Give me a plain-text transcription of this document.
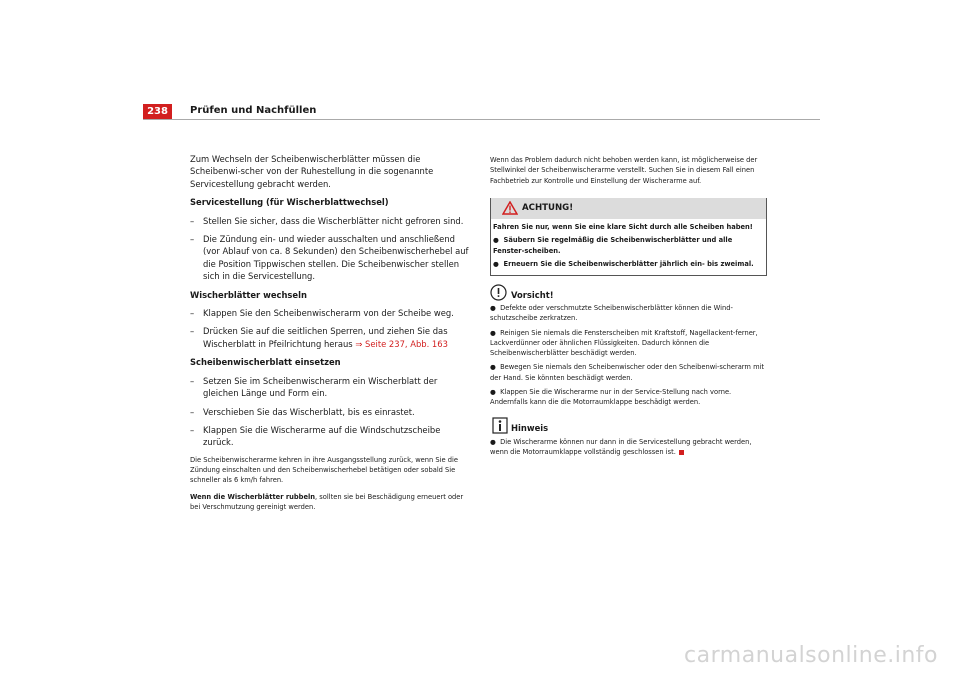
238	Prüfen und Nachfüllen

Zum Wechseln der Scheibenwischerblätter müssen die Scheibenwi-scher von der Ruhestellung in die sogenannte Servicestellung gebracht werden.

Servicestellung (für Wischerblattwechsel)

– Stellen Sie sicher, dass die Wischerblätter nicht gefroren sind.
– Die Zündung ein- und wieder ausschalten und anschließend (vor Ablauf von ca. 8 Sekunden) den Scheibenwischerhebel auf die Position Tippwischen stellen. Die Scheibenwischer stellen sich in die Servicestellung.

Wischerblätter wechseln

– Klappen Sie den Scheibenwischerarm von der Scheibe weg.
– Drücken Sie auf die seitlichen Sperren, und ziehen Sie das Wischerblatt in Pfeilrichtung heraus ⇒ Seite 237, Abb. 163

Scheibenwischerblatt einsetzen

– Setzen Sie im Scheibenwischerarm ein Wischerblatt der gleichen Länge und Form ein.
– Verschieben Sie das Wischerblatt, bis es einrastet.
– Klappen Sie die Wischerarme auf die Windschutzscheibe zurück.

Die Scheibenwischerarme kehren in ihre Ausgangsstellung zurück, wenn Sie die Zündung einschalten und den Scheibenwischerhebel betätigen oder sobald Sie schneller als 6 km/h fahren.

Wenn die Wischerblätter rubbeln, sollten sie bei Beschädigung erneuert oder bei Verschmutzung gereinigt werden.

Wenn das Problem dadurch nicht behoben werden kann, ist möglicherweise der Stellwinkel der Scheibenwischerarme verstellt. Suchen Sie in diesem Fall einen Fachbetrieb zur Kontrolle und Einstellung der Wischerarme auf.

ACHTUNG!

Fahren Sie nur, wenn Sie eine klare Sicht durch alle Scheiben haben!

●  Säubern Sie regelmäßig die Scheibenwischerblätter und alle Fenster-scheiben.

●  Erneuern Sie die Scheibenwischerblätter jährlich ein- bis zweimal.

Vorsicht!

●  Defekte oder verschmutzte Scheibenwischerblätter können die Wind-schutzscheibe zerkratzen.

●  Reinigen Sie niemals die Fensterscheiben mit Kraftstoff, Nagellackent-ferner, Lackverdünner oder ähnlichen Flüssigkeiten. Dadurch können die Scheibenwischerblätter beschädigt werden.

●  Bewegen Sie niemals den Scheibenwischer oder den Scheibenwi-scherarm mit der Hand. Sie könnten beschädigt werden.

●  Klappen Sie die Wischerarme nur in der Service-Stellung nach vorne. Andernfalls kann die die Motorraumklappe beschädigt werden.

Hinweis

●  Die Wischerarme können nur dann in die Servicestellung gebracht werden, wenn die Motorraumklappe vollständig geschlossen ist.

carmanualsonline.info
